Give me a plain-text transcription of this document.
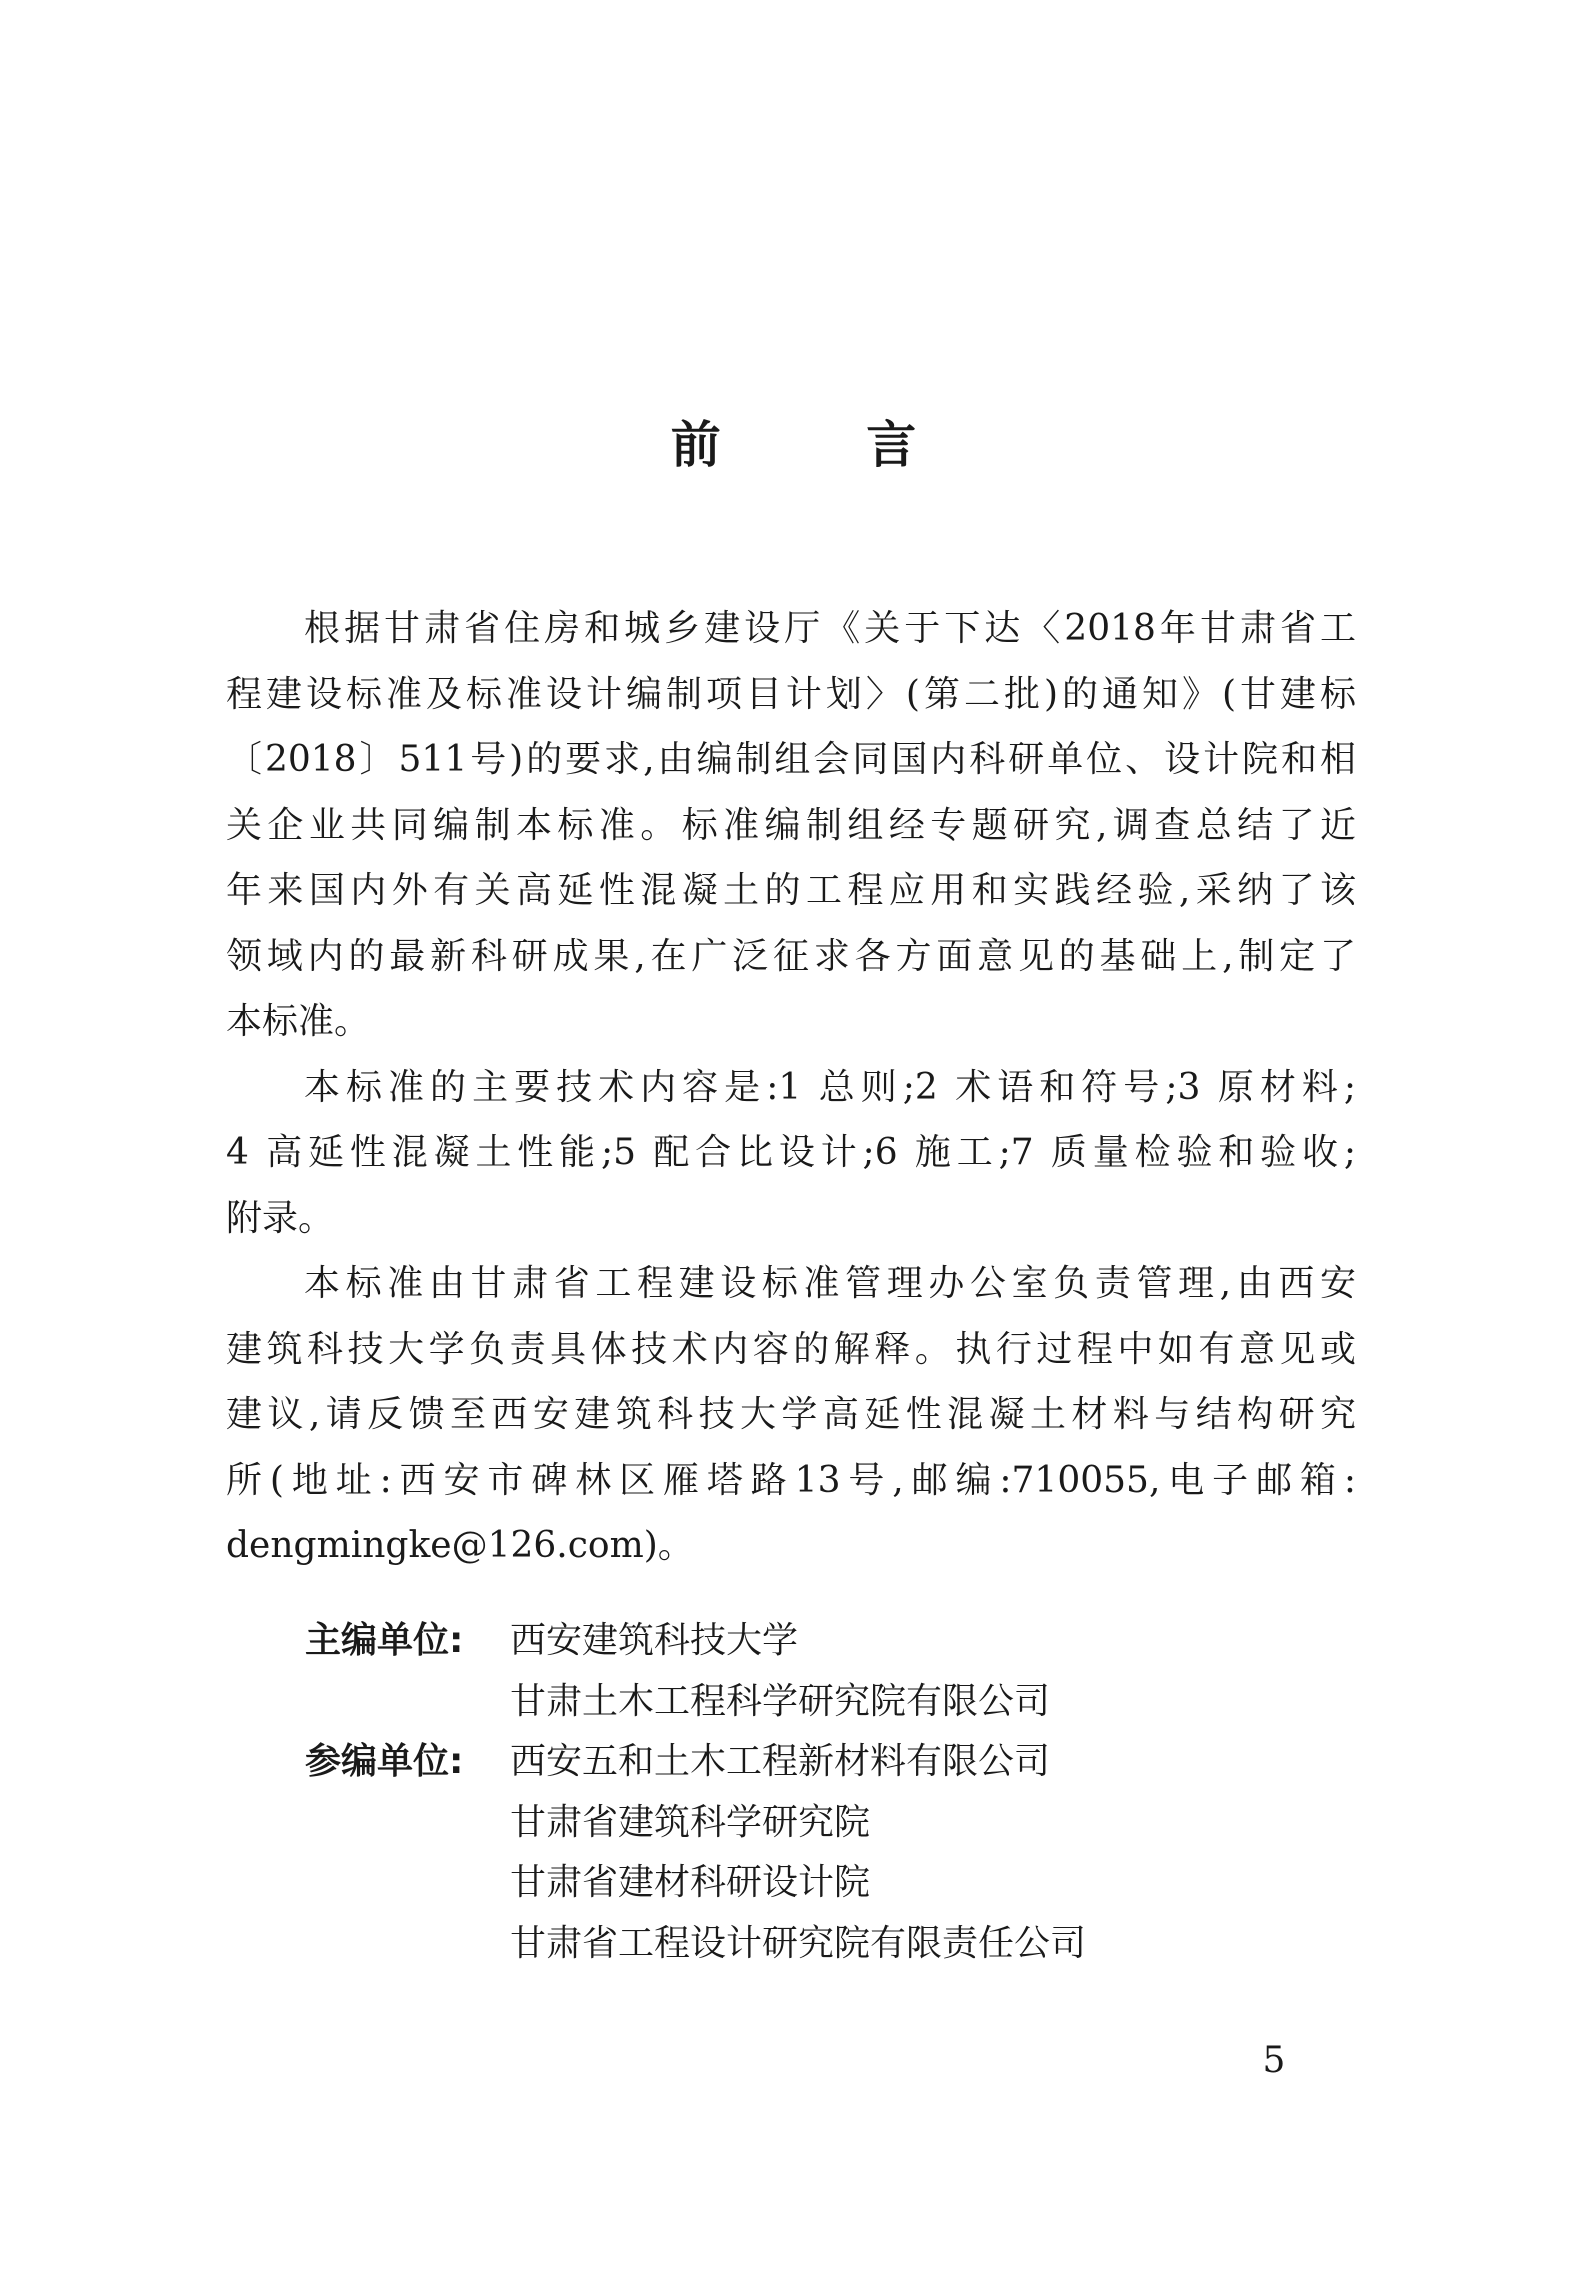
前 言
根据甘肃省住房和城乡建设厅《关于下达〈2018年甘肃省工
程建设标准及标准设计编制项目计划〉(第二批)的通知》(甘建标
〔2018〕511号)的要求,由编制组会同国内科研单位、设计院和相
关企业共同编制本标准。标准编制组经专题研究,调查总结了近
年来国内外有关高延性混凝土的工程应用和实践经验,采纳了该
领域内的最新科研成果,在广泛征求各方面意见的基础上,制定了
本标准。
本标准的主要技术内容是:1 总则;2 术语和符号;3 原材料;
4 高延性混凝土性能;5 配合比设计;6 施工;7 质量检验和验收;
附录。
本标准由甘肃省工程建设标准管理办公室负责管理,由西安
建筑科技大学负责具体技术内容的解释。执行过程中如有意见或
建议,请反馈至西安建筑科技大学高延性混凝土材料与结构研究
所(地址:西安市碑林区雁塔路13号,邮编:710055,电子邮箱:
dengmingke@126.com)。
主编单位:	西安建筑科技大学
甘肃土木工程科学研究院有限公司
参编单位:	西安五和土木工程新材料有限公司
甘肃省建筑科学研究院
甘肃省建材科研设计院
甘肃省工程设计研究院有限责任公司
5
